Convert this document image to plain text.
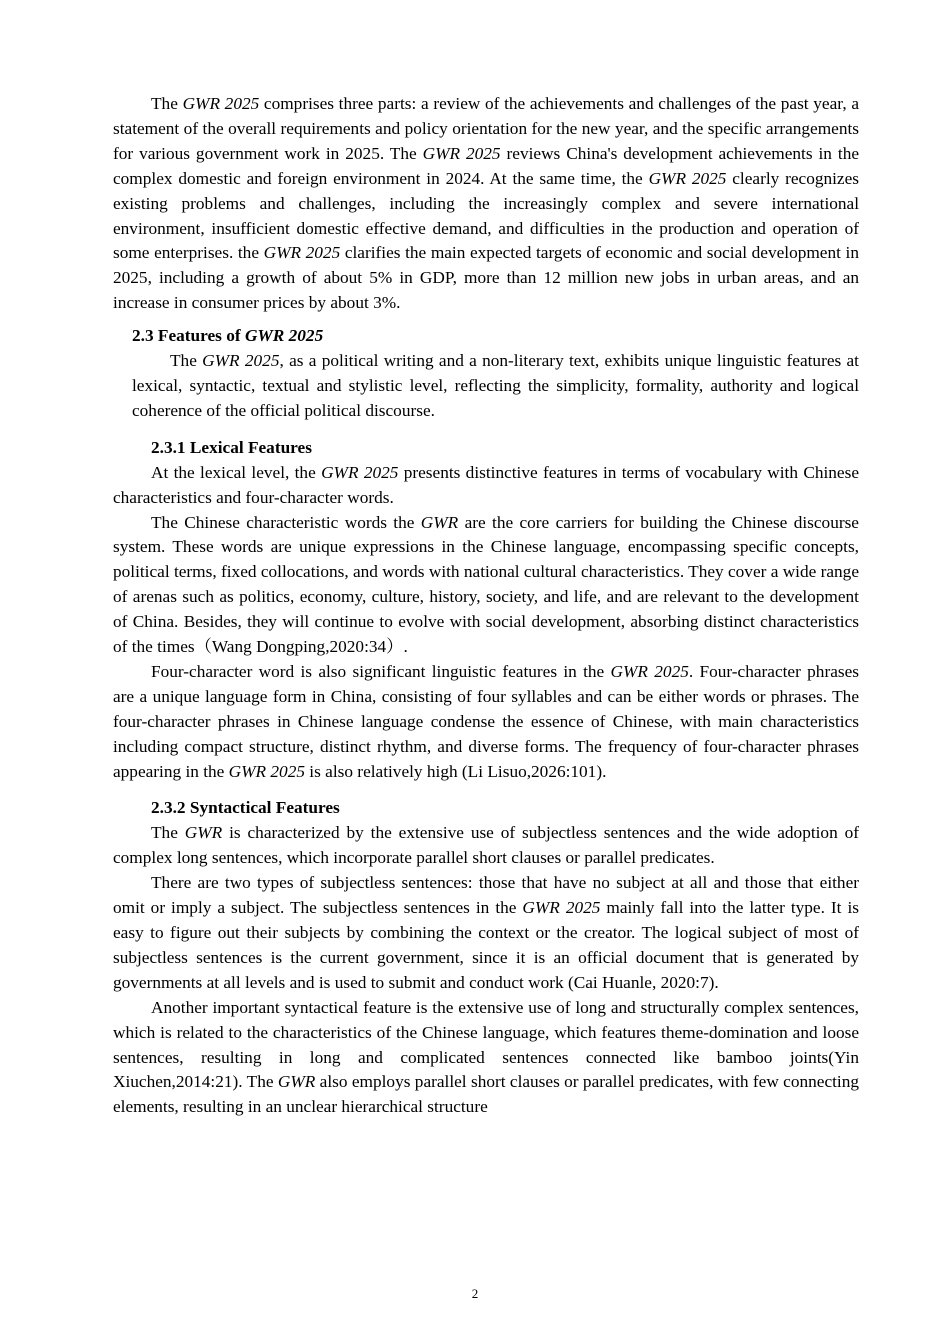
The GWR 2025 comprises three parts: a review of the achievements and challenges of the past year, a statement of the overall requirements and policy orientation for the new year, and the specific arrangements for various government work in 2025. The GWR 2025 reviews China's development achievements in the complex domestic and foreign environment in 2024. At the same time, the GWR 2025 clearly recognizes existing problems and challenges, including the increasingly complex and severe international environment, insufficient domestic effective demand, and difficulties in the production and operation of some enterprises. the GWR 2025 clarifies the main expected targets of economic and social development in 2025, including a growth of about 5% in GDP, more than 12 million new jobs in urban areas, and an increase in consumer prices by about 3%.

2.3 Features of GWR 2025

The GWR 2025, as a political writing and a non-literary text, exhibits unique linguistic features at lexical, syntactic, textual and stylistic level, reflecting the simplicity, formality, authority and logical coherence of the official political discourse.

2.3.1 Lexical Features

At the lexical level, the GWR 2025 presents distinctive features in terms of vocabulary with Chinese characteristics and four-character words.

The Chinese characteristic words the GWR are the core carriers for building the Chinese discourse system. These words are unique expressions in the Chinese language, encompassing specific concepts, political terms, fixed collocations, and words with national cultural characteristics. They cover a wide range of arenas such as politics, economy, culture, history, society, and life, and are relevant to the development of China. Besides, they will continue to evolve with social development, absorbing distinct characteristics of the times（Wang Dongping,2020:34）.

Four-character word is also significant linguistic features in the GWR 2025. Four-character phrases are a unique language form in China, consisting of four syllables and can be either words or phrases. The four-character phrases in Chinese language condense the essence of Chinese, with main characteristics including compact structure, distinct rhythm, and diverse forms. The frequency of four-character phrases appearing in the GWR 2025 is also relatively high (Li Lisuo,2026:101).

2.3.2 Syntactical Features

The GWR is characterized by the extensive use of subjectless sentences and the wide adoption of complex long sentences, which incorporate parallel short clauses or parallel predicates.

There are two types of subjectless sentences: those that have no subject at all and those that either omit or imply a subject. The subjectless sentences in the GWR 2025 mainly fall into the latter type. It is easy to figure out their subjects by combining the context or the creator. The logical subject of most of subjectless sentences is the current government, since it is an official document that is generated by governments at all levels and is used to submit and conduct work (Cai Huanle, 2020:7).

Another important syntactical feature is the extensive use of long and structurally complex sentences, which is related to the characteristics of the Chinese language, which features theme-domination and loose sentences, resulting in long and complicated sentences connected like bamboo joints(Yin Xiuchen,2014:21). The GWR also employs parallel short clauses or parallel predicates, with few connecting elements, resulting in an unclear hierarchical structure

2
